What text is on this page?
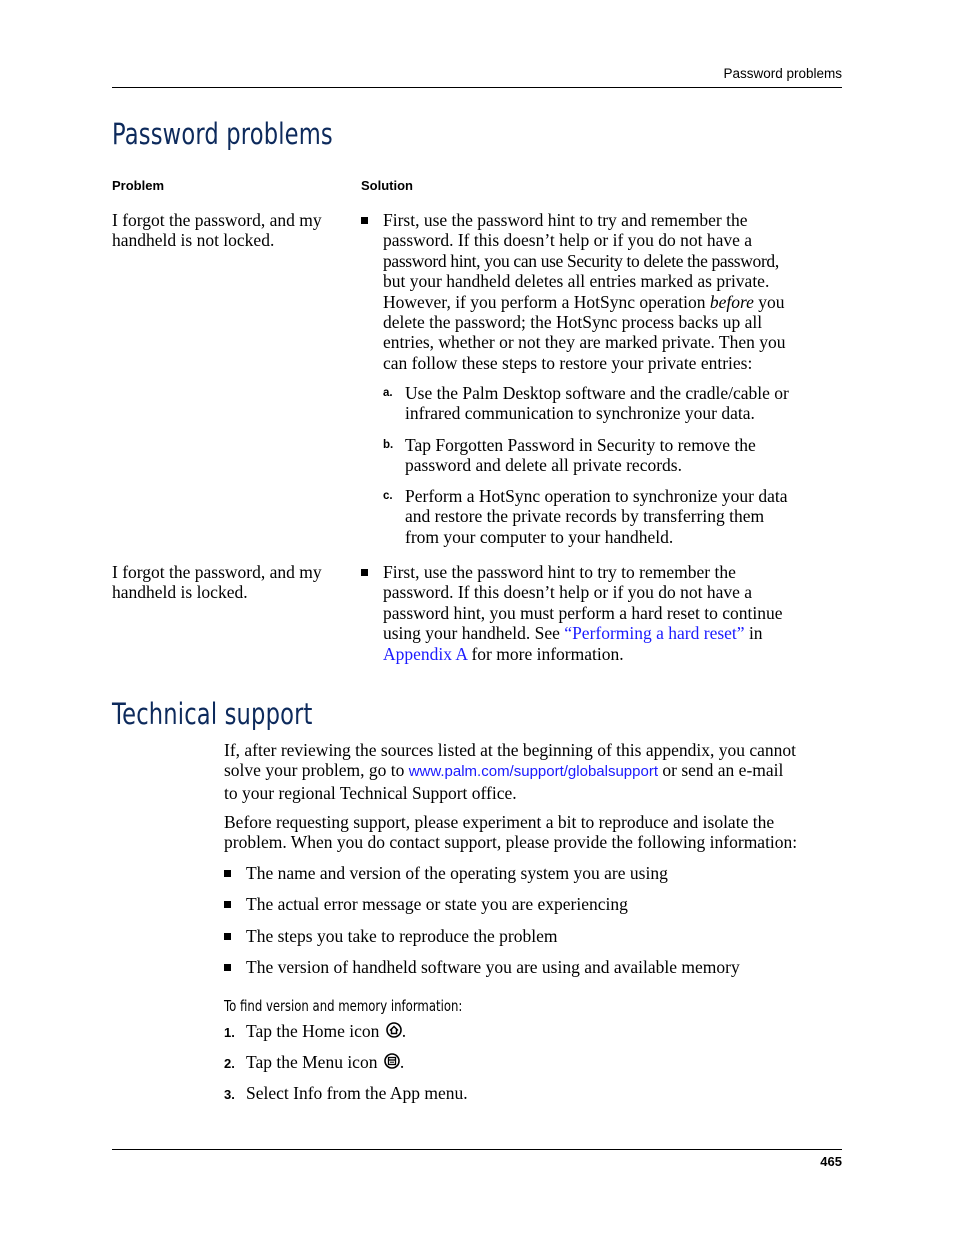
Password problems
Password problems
Problem	Solution
I forgot the password, and my
handheld is not locked.
First, use the password hint to try and remember the
password. If this doesn’t help or if you do not have a
password hint, you can use Security to delete the password,
but your handheld deletes all entries marked as private.
However, if you perform a HotSync operation before you
delete the password; the HotSync process backs up all
entries, whether or not they are marked private. Then you
can follow these steps to restore your private entries:
a. Use the Palm Desktop software and the cradle/cable or
infrared communication to synchronize your data.
b. Tap Forgotten Password in Security to remove the
password and delete all private records.
c. Perform a HotSync operation to synchronize your data
and restore the private records by transferring them
from your computer to your handheld.
I forgot the password, and my
handheld is locked.
First, use the password hint to try to remember the
password. If this doesn’t help or if you do not have a
password hint, you must perform a hard reset to continue
using your handheld. See “Performing a hard reset” in
Appendix A for more information.
Technical support
If, after reviewing the sources listed at the beginning of this appendix, you cannot
solve your problem, go to www.palm.com/support/globalsupport or send an e-mail
to your regional Technical Support office.
Before requesting support, please experiment a bit to reproduce and isolate the
problem. When you do contact support, please provide the following information:
The name and version of the operating system you are using
The actual error message or state you are experiencing
The steps you take to reproduce the problem
The version of handheld software you are using and available memory
To find version and memory information:
1. Tap the Home icon .
2. Tap the Menu icon .
3. Select Info from the App menu.
465
